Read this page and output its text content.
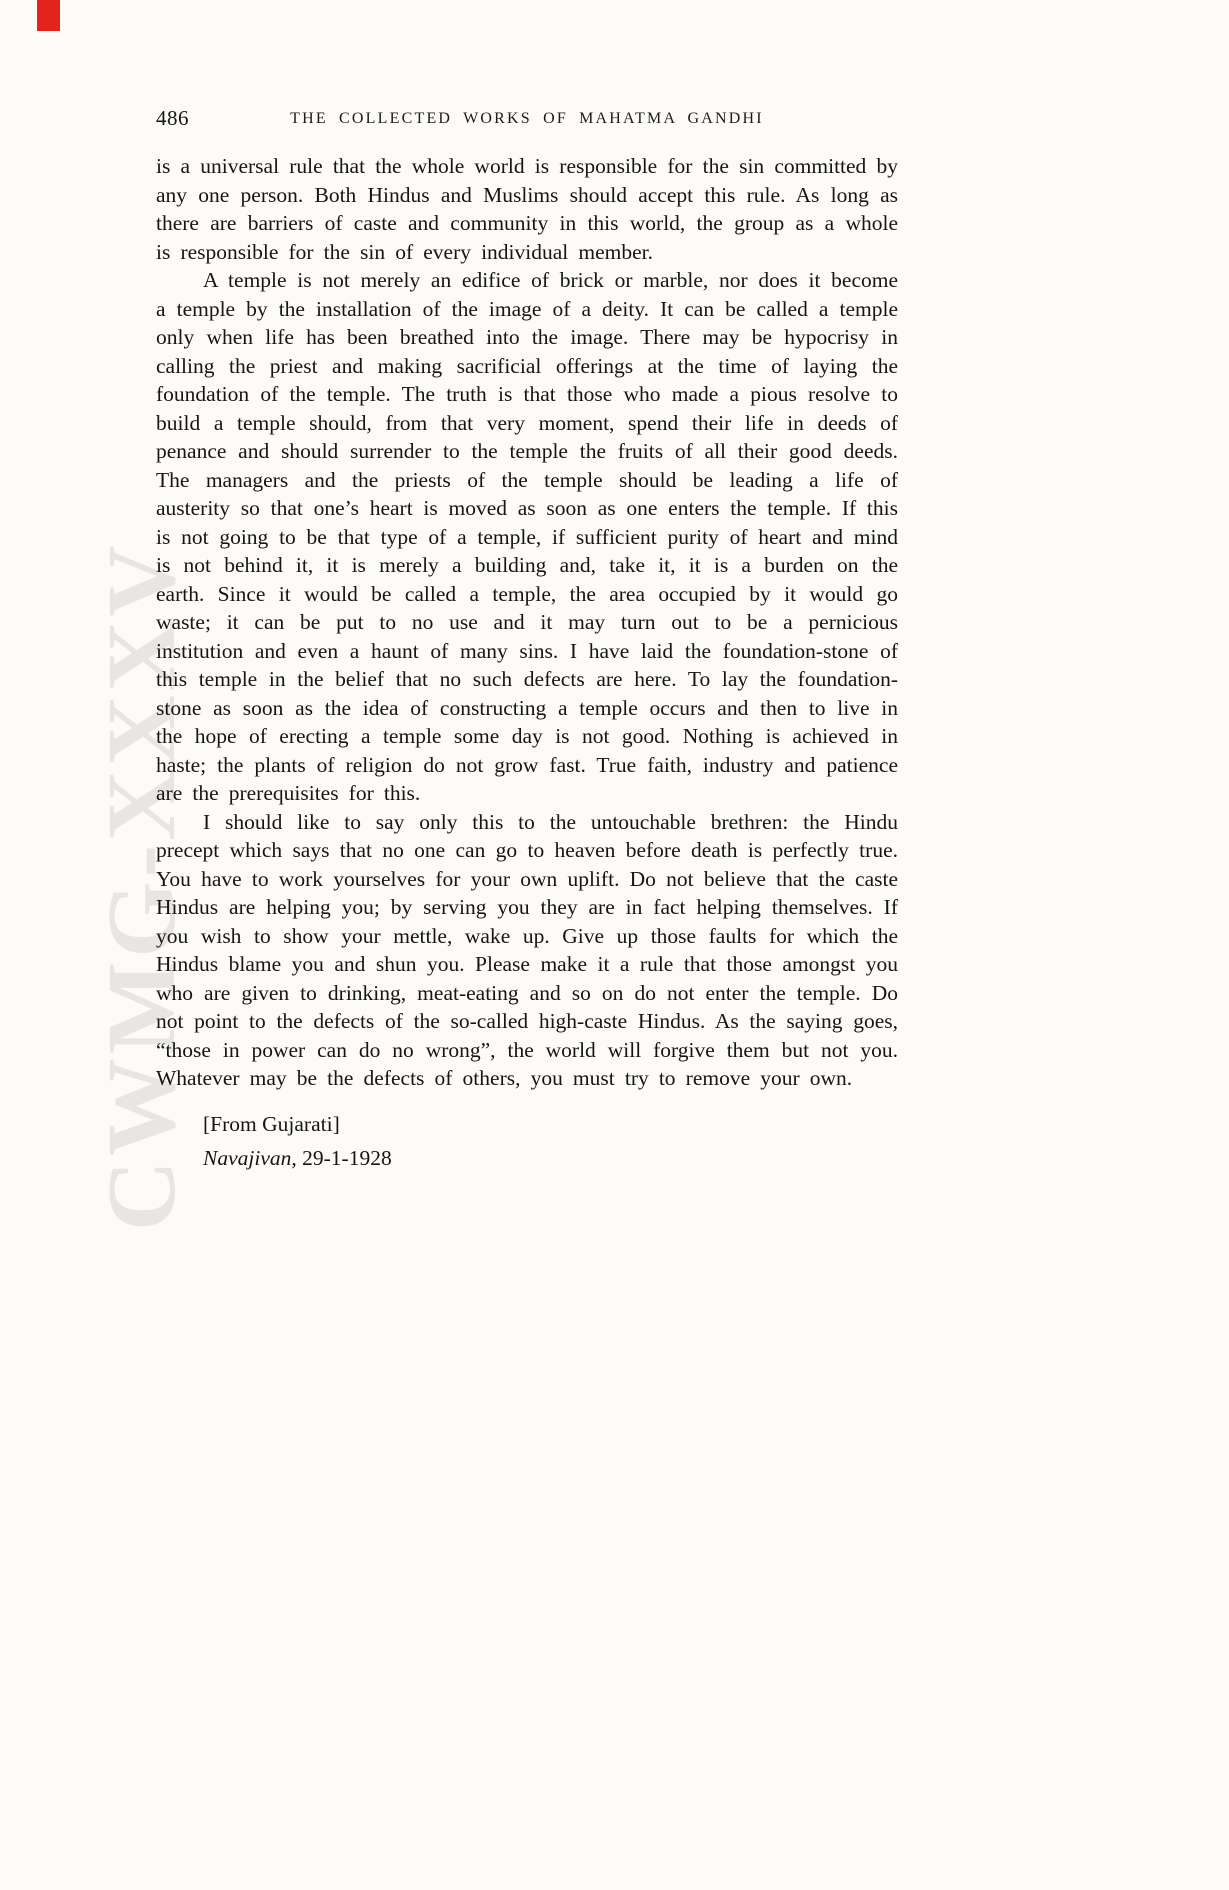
CWMG-XXXV
486	THE COLLECTED WORKS OF MAHATMA GANDHI

is a universal rule that the whole world is responsible for the sin committed by any one person. Both Hindus and Muslims should accept this rule. As long as there are barriers of caste and community in this world, the group as a whole is responsible for the sin of every individual member.

A temple is not merely an edifice of brick or marble, nor does it become a temple by the installation of the image of a deity. It can be called a temple only when life has been breathed into the image. There may be hypocrisy in calling the priest and making sacrificial offerings at the time of laying the foundation of the temple. The truth is that those who made a pious resolve to build a temple should, from that very moment, spend their life in deeds of penance and should surrender to the temple the fruits of all their good deeds. The managers and the priests of the temple should be leading a life of austerity so that one’s heart is moved as soon as one enters the temple. If this is not going to be that type of a temple, if sufficient purity of heart and mind is not behind it, it is merely a building and, take it, it is a burden on the earth. Since it would be called a temple, the area occupied by it would go waste; it can be put to no use and it may turn out to be a pernicious institution and even a haunt of many sins. I have laid the foundation-stone of this temple in the belief that no such defects are here. To lay the foundation-stone as soon as the idea of constructing a temple occurs and then to live in the hope of erecting a temple some day is not good. Nothing is achieved in haste; the plants of religion do not grow fast. True faith, industry and patience are the prerequisites for this.

I should like to say only this to the untouchable brethren: the Hindu precept which says that no one can go to heaven before death is perfectly true. You have to work yourselves for your own uplift. Do not believe that the caste Hindus are helping you; by serving you they are in fact helping themselves. If you wish to show your mettle, wake up. Give up those faults for which the Hindus blame you and shun you. Please make it a rule that those amongst you who are given to drinking, meat-eating and so on do not enter the temple. Do not point to the defects of the so-called high-caste Hindus. As the saying goes, “those in power can do no wrong”, the world will forgive them but not you. Whatever may be the defects of others, you must try to remove your own.

[From Gujarati]

Navajivan, 29-1-1928
